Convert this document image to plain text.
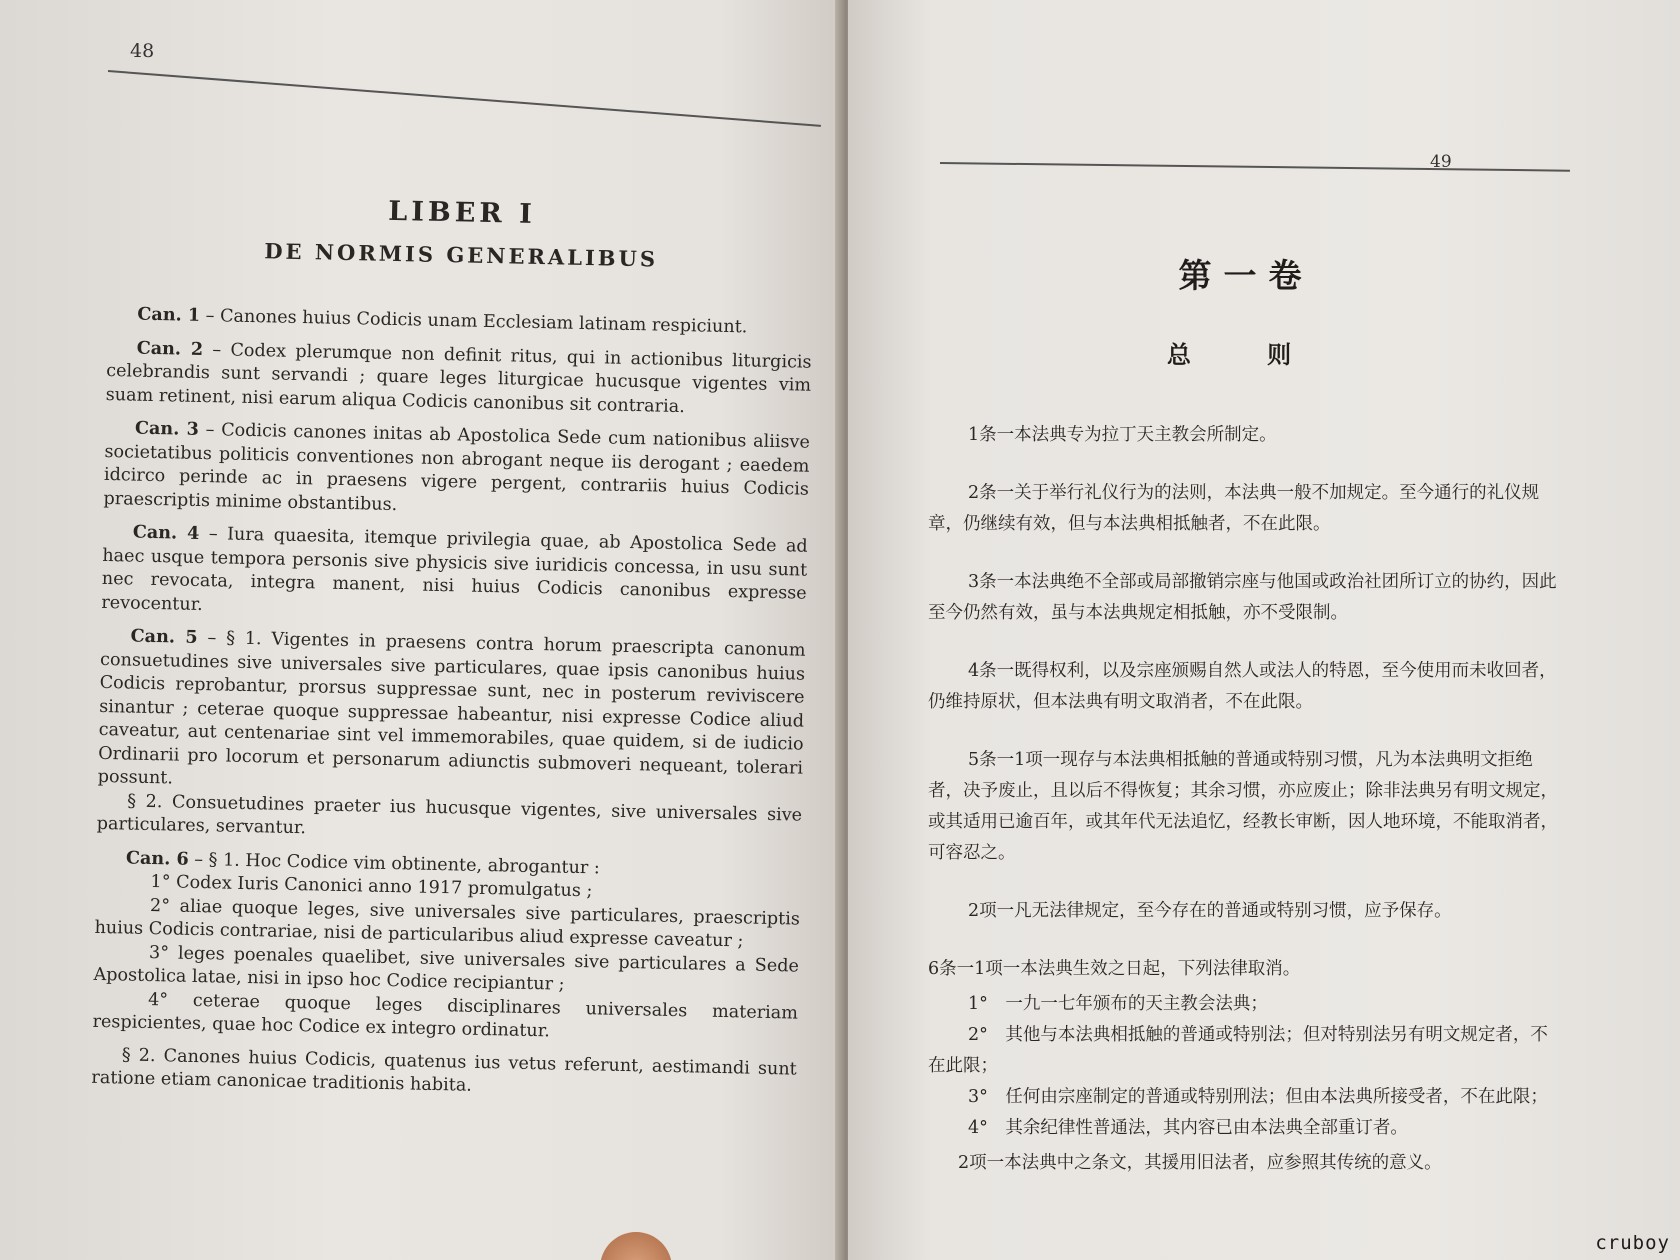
48
LIBER I
DE NORMIS GENERALIBUS

Can. 1 – Canones huius Codicis unam Ecclesiam latinam respiciunt.

Can. 2 – Codex plerumque non definit ritus, qui in actionibus liturgicis celebrandis sunt servandi ; quare leges liturgicae hucusque vigentes vim suam retinent, nisi earum aliqua Codicis canonibus sit contraria.

Can. 3 – Codicis canones initas ab Apostolica Sede cum nationibus aliisve societatibus politicis conventiones non abrogant neque iis derogant ; eaedem idcirco perinde ac in praesens vigere pergent, contrariis huius Codicis praescriptis minime obstantibus.

Can. 4 – Iura quaesita, itemque privilegia quae, ab Apostolica Sede ad haec usque tempora personis sive physicis sive iuridicis concessa, in usu sunt nec revocata, integra manent, nisi huius Codicis canonibus expresse revocentur.

Can. 5 – § 1. Vigentes in praesens contra horum praescripta canonum consuetudines sive universales sive particulares, quae ipsis canonibus huius Codicis reprobantur, prorsus suppressae sunt, nec in posterum reviviscere sinantur ; ceterae quoque suppressae habeantur, nisi expresse Codice aliud caveatur, aut centenariae sint vel immemorabiles, quae quidem, si de iudicio Ordinarii pro locorum et personarum adiunctis submoveri nequeant, tolerari possunt.

§ 2. Consuetudines praeter ius hucusque vigentes, sive universales sive particulares, servantur.

Can. 6 – § 1. Hoc Codice vim obtinente, abrogantur :

1° Codex Iuris Canonici anno 1917 promulgatus ;

2° aliae quoque leges, sive universales sive particulares, praescriptis huius Codicis contrariae, nisi de particularibus aliud expresse caveatur ;

3° leges poenales quaelibet, sive universales sive particulares a Sede Apostolica latae, nisi in ipso hoc Codice recipiantur ;

4° ceterae quoque leges disciplinares universales materiam respicientes, quae hoc Codice ex integro ordinatur.

§ 2. Canones huius Codicis, quatenus ius vetus referunt, aestimandi sunt ratione etiam canonicae traditionis habita.

49
第一卷
总 则

1条一本法典专为拉丁天主教会所制定。

2条一关于举行礼仪行为的法则，本法典一般不加规定。至今通行的礼仪规章，仍继续有效，但与本法典相抵触者，不在此限。

3条一本法典绝不全部或局部撤销宗座与他国或政治社团所订立的协约，因此至今仍然有效，虽与本法典规定相抵触，亦不受限制。

4条一既得权利，以及宗座颁赐自然人或法人的特恩，至今使用而未收回者，仍维持原状，但本法典有明文取消者，不在此限。

5条一1项一现存与本法典相抵触的普通或特别习惯，凡为本法典明文拒绝者，决予废止，且以后不得恢复；其余习惯，亦应废止；除非法典另有明文规定，或其适用已逾百年，或其年代无法追忆，经教长审断，因人地环境，不能取消者，可容忍之。

2项一凡无法律规定，至今存在的普通或特别习惯，应予保存。

6条一1项一本法典生效之日起，下列法律取消。

1°　一九一七年颁布的天主教会法典；

2°　其他与本法典相抵触的普通或特别法；但对特别法另有明文规定者，不在此限；

3°　任何由宗座制定的普通或特别刑法；但由本法典所接受者，不在此限；

4°　其余纪律性普通法，其内容已由本法典全部重订者。

2项一本法典中之条文，其援用旧法者，应参照其传统的意义。

cruboy
